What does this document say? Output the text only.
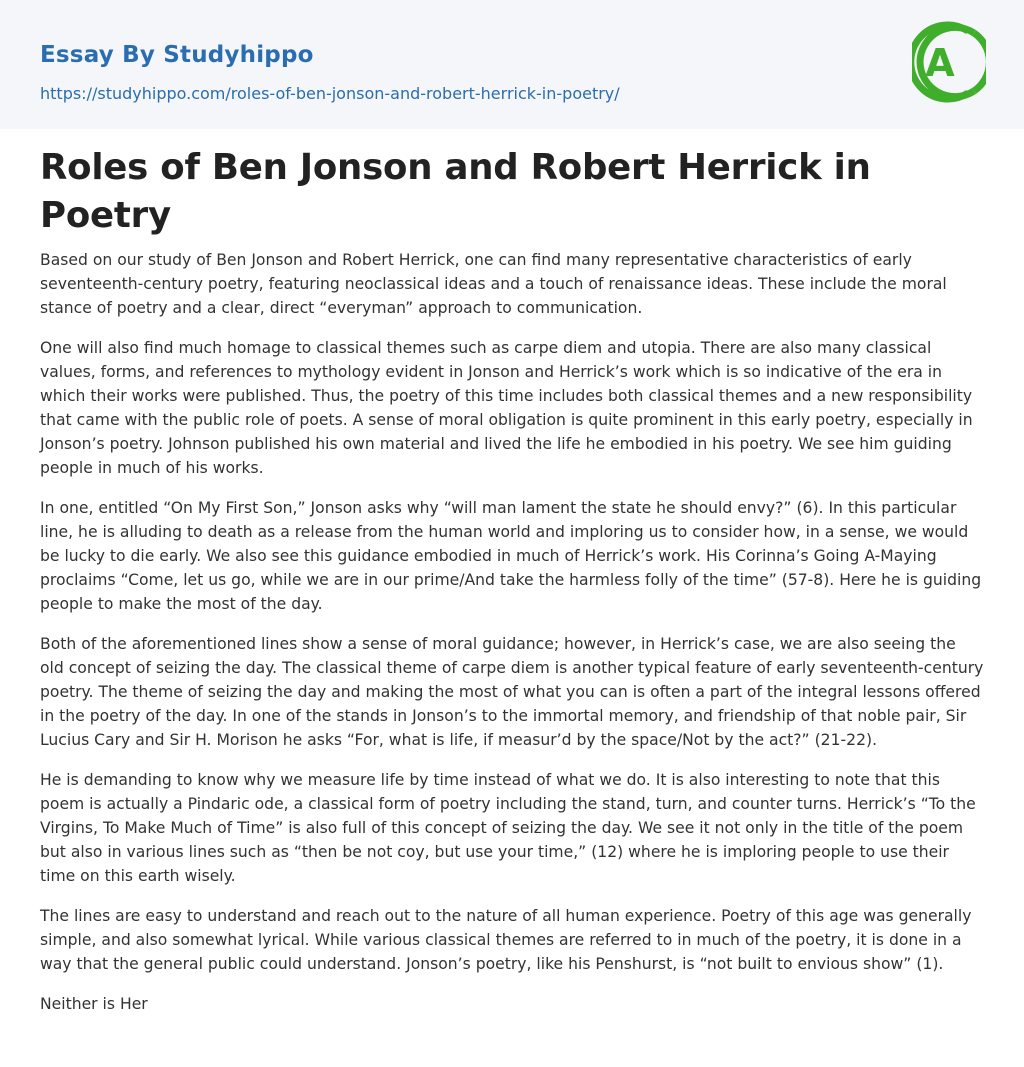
Essay By Studyhippo
https://studyhippo.com/roles-of-ben-jonson-and-robert-herrick-in-poetry/
A
Roles of Ben Jonson and Robert Herrick in Poetry

Based on our study of Ben Jonson and Robert Herrick, one can find many representative characteristics of early seventeenth-century poetry, featuring neoclassical ideas and a touch of renaissance ideas. These include the moral stance of poetry and a clear, direct “everyman” approach to communication.

One will also find much homage to classical themes such as carpe diem and utopia. There are also many classical values, forms, and references to mythology evident in Jonson and Herrick’s work which is so indicative of the era in which their works were published. Thus, the poetry of this time includes both classical themes and a new responsibility that came with the public role of poets. A sense of moral obligation is quite prominent in this early poetry, especially in Jonson’s poetry. Johnson published his own material and lived the life he embodied in his poetry. We see him guiding people in much of his works.

In one, entitled “On My First Son,” Jonson asks why “will man lament the state he should envy?” (6). In this particular line, he is alluding to death as a release from the human world and imploring us to consider how, in a sense, we would be lucky to die early. We also see this guidance embodied in much of Herrick’s work. His Corinna’s Going A-Maying proclaims “Come, let us go, while we are in our prime/And take the harmless folly of the time” (57-8). Here he is guiding people to make the most of the day.

Both of the aforementioned lines show a sense of moral guidance; however, in Herrick’s case, we are also seeing the old concept of seizing the day. The classical theme of carpe diem is another typical feature of early seventeenth-century poetry. The theme of seizing the day and making the most of what you can is often a part of the integral lessons offered in the poetry of the day. In one of the stands in Jonson’s to the immortal memory, and friendship of that noble pair, Sir Lucius Cary and Sir H. Morison he asks “For, what is life, if measur’d by the space/Not by the act?” (21-22).

He is demanding to know why we measure life by time instead of what we do. It is also interesting to note that this poem is actually a Pindaric ode, a classical form of poetry including the stand, turn, and counter turns. Herrick’s “To the Virgins, To Make Much of Time” is also full of this concept of seizing the day. We see it not only in the title of the poem but also in various lines such as “then be not coy, but use your time,” (12) where he is imploring people to use their time on this earth wisely.

The lines are easy to understand and reach out to the nature of all human experience. Poetry of this age was generally simple, and also somewhat lyrical. While various classical themes are referred to in much of the poetry, it is done in a way that the general public could understand. Jonson’s poetry, like his Penshurst, is “not built to envious show” (1).

Neither is Her
